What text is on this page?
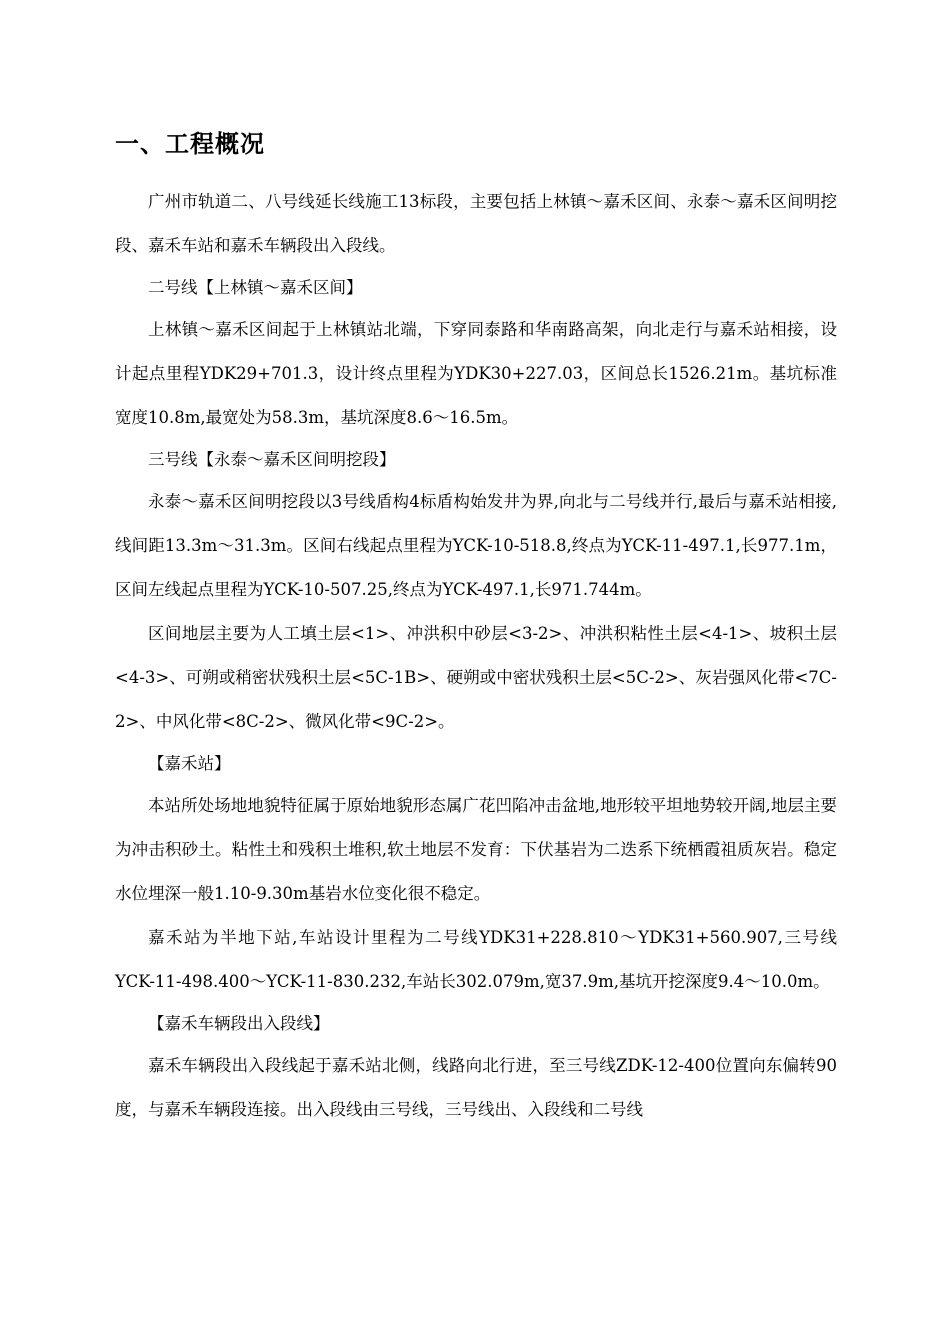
一、工程概况

广州市轨道二、八号线延长线施工13标段，主要包括上林镇～嘉禾区间、永泰～嘉禾区间明挖段、嘉禾车站和嘉禾车辆段出入段线。

二号线【上林镇～嘉禾区间】

上林镇～嘉禾区间起于上林镇站北端，下穿同泰路和华南路高架，向北走行与嘉禾站相接，设计起点里程YDK29+701.3，设计终点里程为YDK30+227.03，区间总长1526.21m。基坑标准宽度10.8m,最宽处为58.3m，基坑深度8.6～16.5m。

三号线【永泰～嘉禾区间明挖段】

永泰～嘉禾区间明挖段以3号线盾构4标盾构始发井为界,向北与二号线并行,最后与嘉禾站相接,线间距13.3m～31.3m。区间右线起点里程为YCK-10-518.8,终点为YCK-11-497.1,长977.1m，区间左线起点里程为YCK-10-507.25,终点为YCK-497.1,长971.744m。

区间地层主要为人工填土层<1>、冲洪积中砂层<3-2>、冲洪积粘性土层<4-1>、坡积土层<4-3>、可朔或稍密状残积土层<5C-1B>、硬朔或中密状残积土层<5C-2>、灰岩强风化带<7C-2>、中风化带<8C-2>、微风化带<9C-2>。

【嘉禾站】

本站所处场地地貌特征属于原始地貌形态属广花凹陷冲击盆地,地形较平坦地势较开阔,地层主要为冲击积砂土。粘性土和残积土堆积,软土地层不发育：下伏基岩为二迭系下统栖霞祖质灰岩。稳定水位埋深一般1.10-9.30m基岩水位变化很不稳定。

嘉禾站为半地下站,车站设计里程为二号线YDK31+228.810～YDK31+560.907,三号线YCK-11-498.400～YCK-11-830.232,车站长302.079m,宽37.9m,基坑开挖深度9.4～10.0m。

【嘉禾车辆段出入段线】

嘉禾车辆段出入段线起于嘉禾站北侧，线路向北行进，至三号线ZDK-12-400位置向东偏转90度，与嘉禾车辆段连接。出入段线由三号线，三号线出、入段线和二号线
